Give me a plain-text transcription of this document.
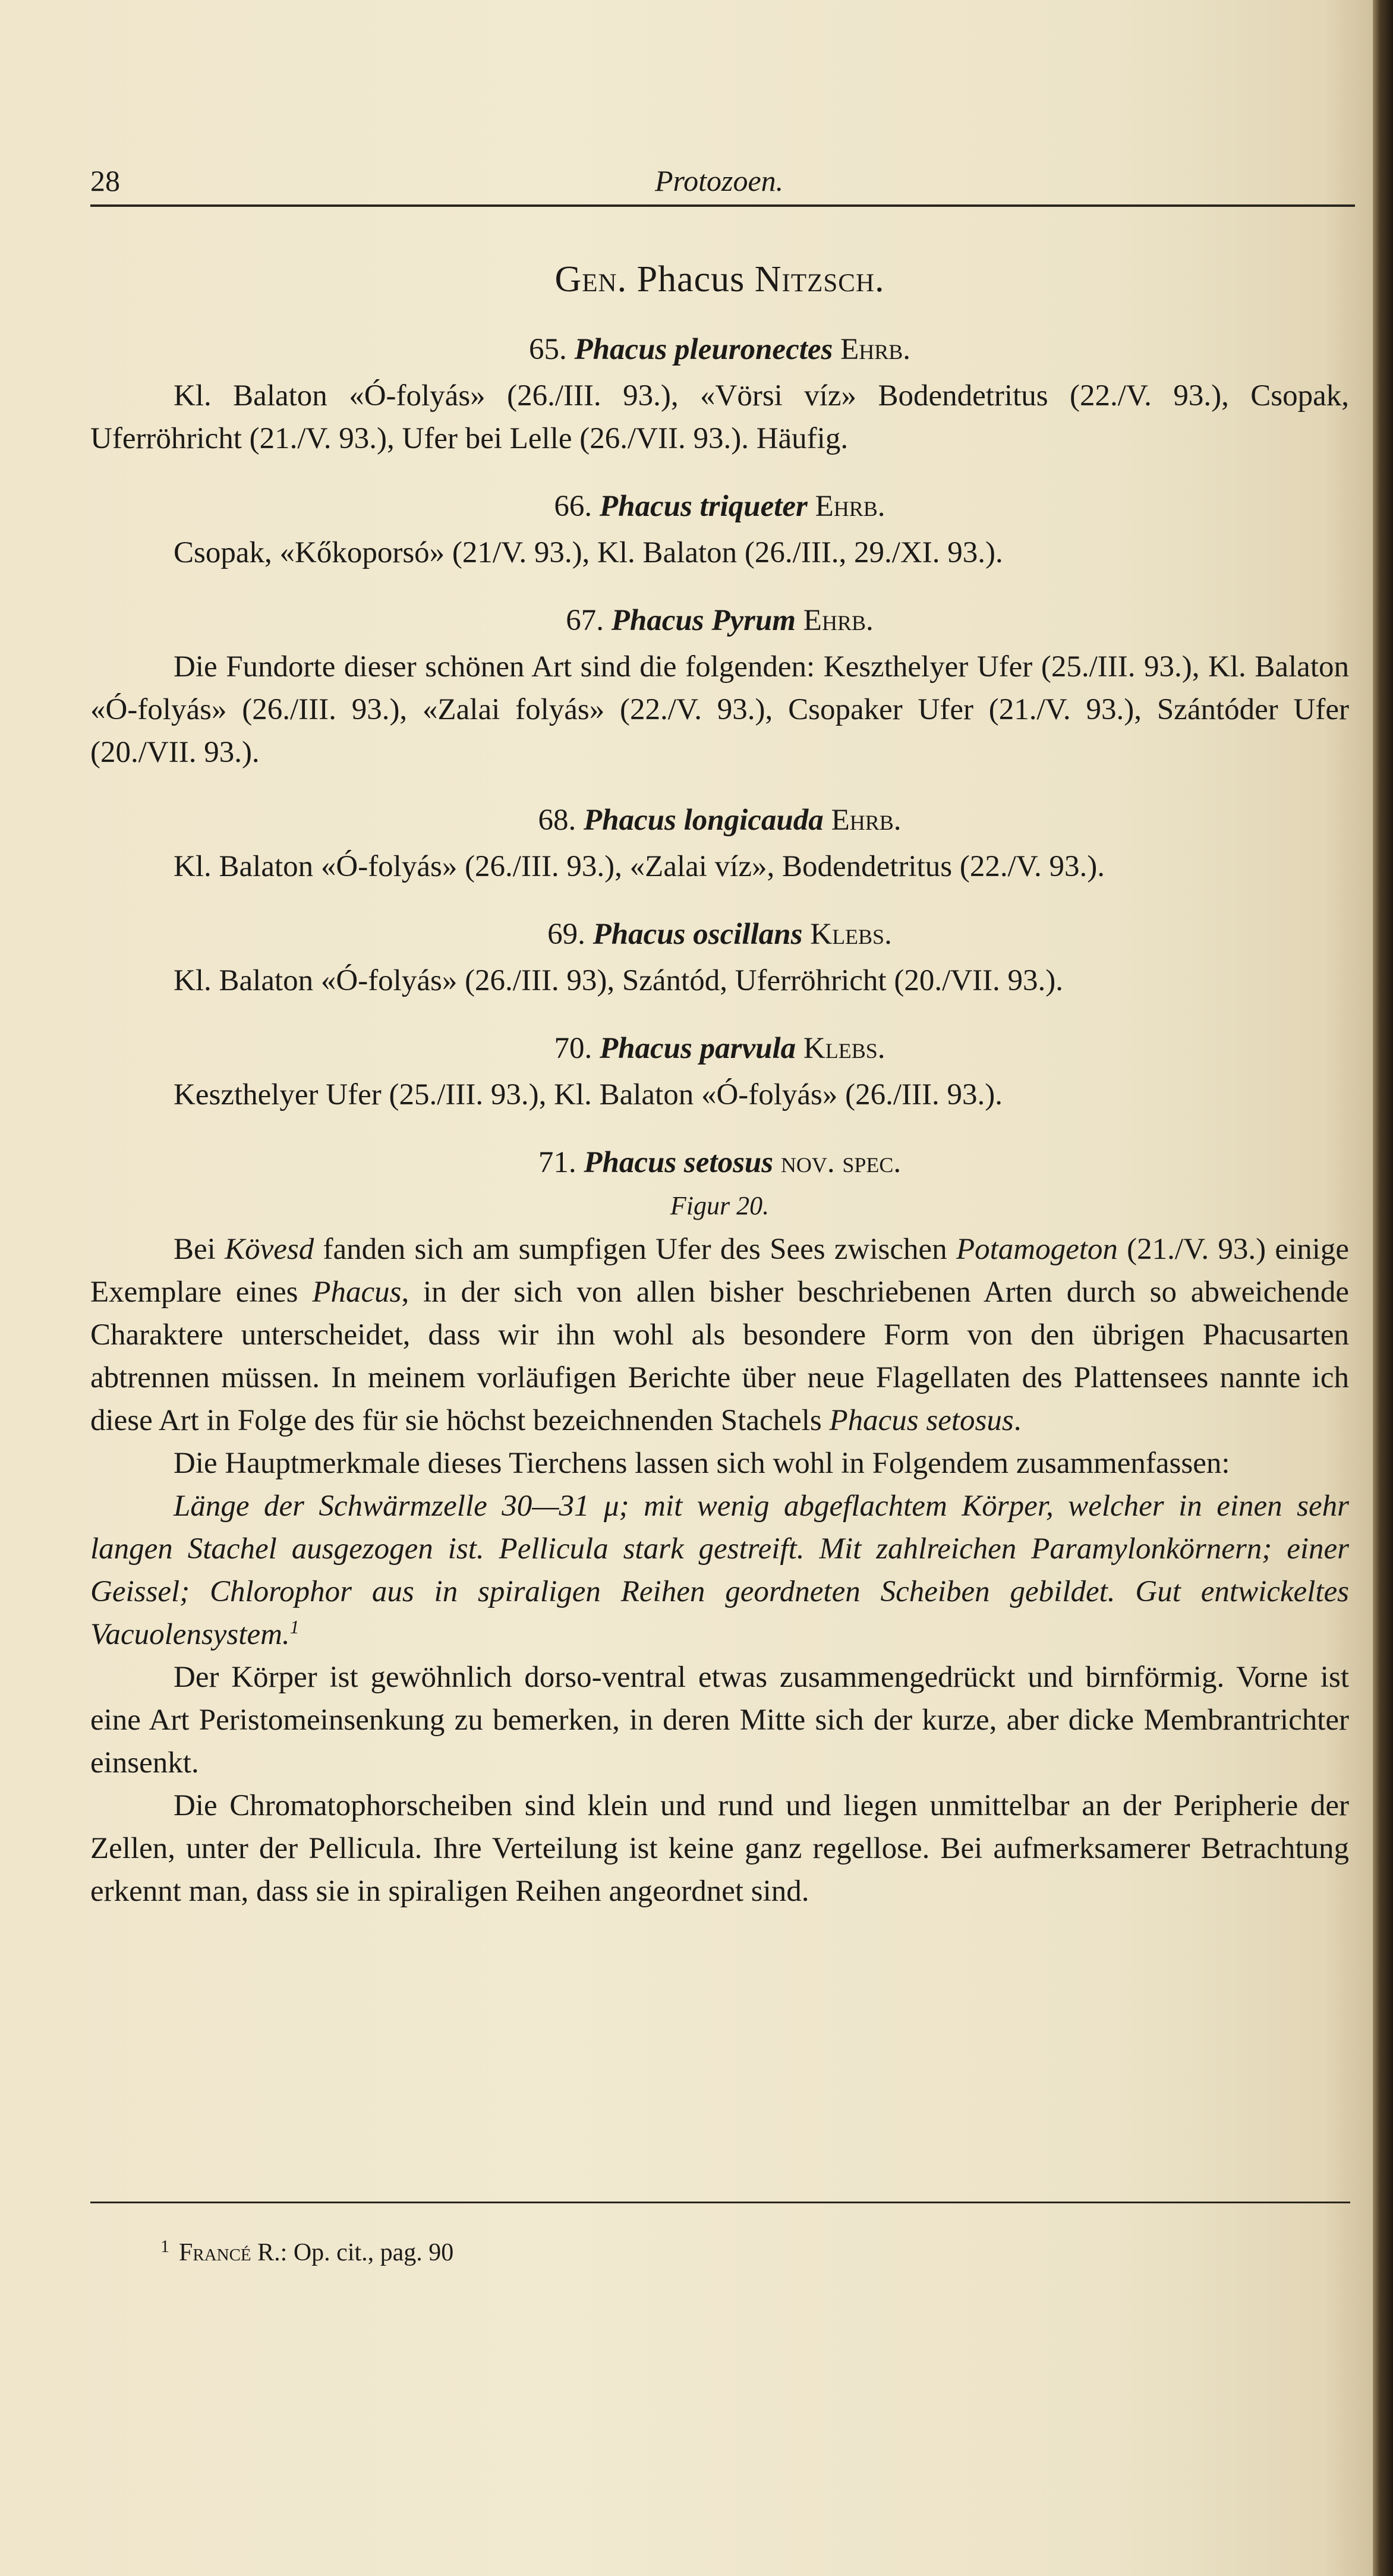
28	Protozoen.
Gen. Phacus Nitzsch.
65. Phacus pleuronectes Ehrb.

Kl. Balaton «Ó-folyás» (26./III. 93.), «Vörsi víz» Bodendetritus (22./V. 93.), Csopak, Uferröhricht (21./V. 93.), Ufer bei Lelle (26./VII. 93.). Häufig.

66. Phacus triqueter Ehrb.

Csopak, «Kőkoporsó» (21/V. 93.), Kl. Balaton (26./III., 29./XI. 93.).

67. Phacus Pyrum Ehrb.

Die Fundorte dieser schönen Art sind die folgenden: Keszthelyer Ufer (25./III. 93.), Kl. Balaton «Ó-folyás» (26./III. 93.), «Zalai folyás» (22./V. 93.), Csopaker Ufer (21./V. 93.), Szántóder Ufer (20./VII. 93.).

68. Phacus longicauda Ehrb.

Kl. Balaton «Ó-folyás» (26./III. 93.), «Zalai víz», Bodendetritus (22./V. 93.).

69. Phacus oscillans Klebs.

Kl. Balaton «Ó-folyás» (26./III. 93), Szántód, Uferröhricht (20./VII. 93.).

70. Phacus parvula Klebs.

Keszthelyer Ufer (25./III. 93.), Kl. Balaton «Ó-folyás» (26./III. 93.).

71. Phacus setosus nov. spec.
Figur 20.

Bei Kövesd fanden sich am sumpfigen Ufer des Sees zwischen Potamogeton (21./V. 93.) einige Exemplare eines Phacus, in der sich von allen bisher beschriebenen Arten durch so abweichende Charaktere unterscheidet, dass wir ihn wohl als besondere Form von den übrigen Phacusarten abtrennen müssen. In meinem vorläufigen Berichte über neue Flagellaten des Plattensees nannte ich diese Art in Folge des für sie höchst bezeichnenden Stachels Phacus setosus.

Die Hauptmerkmale dieses Tierchens lassen sich wohl in Folgendem zusammenfassen:

Länge der Schwärmzelle 30—31 μ; mit wenig abgeflachtem Körper, welcher in einen sehr langen Stachel ausgezogen ist. Pellicula stark gestreift. Mit zahlreichen Paramylonkörnern; einer Geissel; Chlorophor aus in spiraligen Reihen geordneten Scheiben gebildet. Gut entwickeltes Vacuolensystem.$^1$

Der Körper ist gewöhnlich dorso-ventral etwas zusammengedrückt und birnförmig. Vorne ist eine Art Peristomeinsenkung zu bemerken, in deren Mitte sich der kurze, aber dicke Membrantrichter einsenkt.

Die Chromatophorscheiben sind klein und rund und liegen unmittelbar an der Peripherie der Zellen, unter der Pellicula. Ihre Verteilung ist keine ganz regellose. Bei aufmerksamerer Betrachtung erkennt man, dass sie in spiraligen Reihen angeordnet sind.

$^1$ Francé R.: Op. cit., pag. 90
